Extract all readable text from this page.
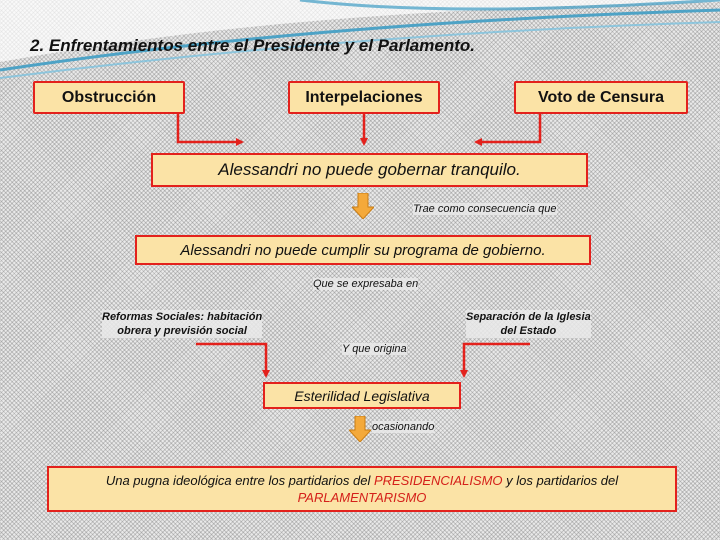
2. Enfrentamientos entre el Presidente y el Parlamento.
Obstrucción	Interpelaciones	Voto de Censura
Alessandri no puede gobernar tranquilo.
Trae como consecuencia que
Alessandri no puede cumplir su programa de gobierno.
Que se expresaba en
Reformas Sociales: habitación
obrera y previsión social
Separación de la Iglesia
del Estado
Y que origina
Esterilidad Legislativa
ocasionando
Una pugna ideológica entre los partidarios del PRESIDENCIALISMO y los partidarios del
PARLAMENTARISMO
